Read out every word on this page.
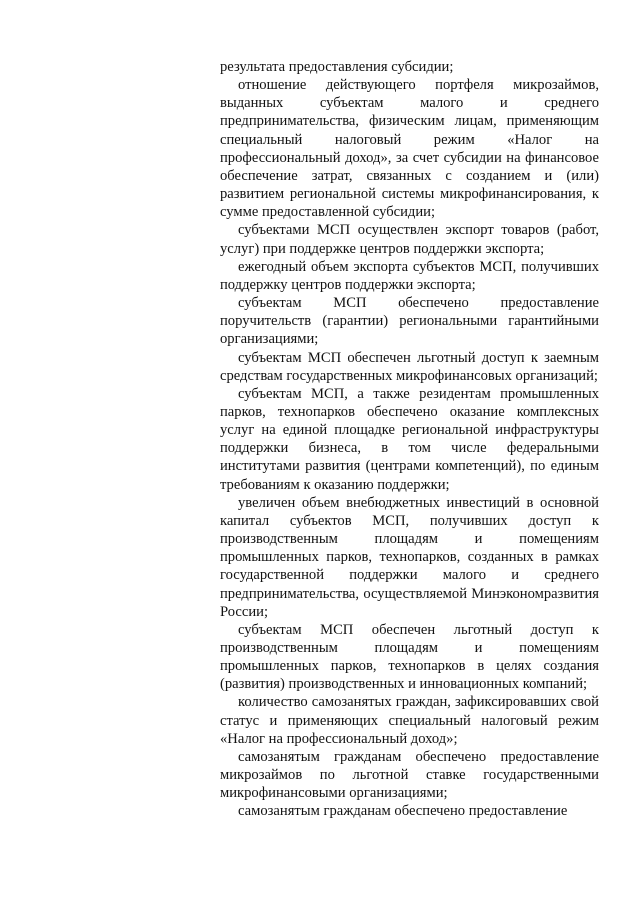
результата предоставления субсидии;

отношение действующего портфеля микрозаймов, выданных субъектам малого и среднего предпринимательства, физическим лицам, применяющим специальный налоговый режим «Налог на профессиональный доход», за счет субсидии на финансовое обеспечение затрат, связанных с созданием и (или) развитием региональной системы микрофинансирования, к сумме предоставленной субсидии;

субъектами МСП осуществлен экспорт товаров (работ, услуг) при поддержке центров поддержки экспорта;

ежегодный объем экспорта субъектов МСП, получивших поддержку центров поддержки экспорта;

субъектам МСП обеспечено предоставление поручительств (гарантии) региональными гарантийными организациями;

субъектам МСП обеспечен льготный доступ к заемным средствам государственных микрофинансовых организаций;

субъектам МСП, а также резидентам промышленных парков, технопарков обеспечено оказание комплексных услуг на единой площадке региональной инфраструктуры поддержки бизнеса, в том числе федеральными институтами развития (центрами компетенций), по единым требованиям к оказанию поддержки;

увеличен объем внебюджетных инвестиций в основной капитал субъектов МСП, получивших доступ к производственным площадям и помещениям промышленных парков, технопарков, созданных в рамках государственной поддержки малого и среднего предпринимательства, осуществляемой Минэкономразвития России;

субъектам МСП обеспечен льготный доступ к производственным площадям и помещениям промышленных парков, технопарков в целях создания (развития) производственных и инновационных компаний;

количество самозанятых граждан, зафиксировавших свой статус и применяющих специальный налоговый режим «Налог на профессиональный доход»;

самозанятым гражданам обеспечено предоставление микрозаймов по льготной ставке государственными микрофинансовыми организациями;

самозанятым гражданам обеспечено предоставление
